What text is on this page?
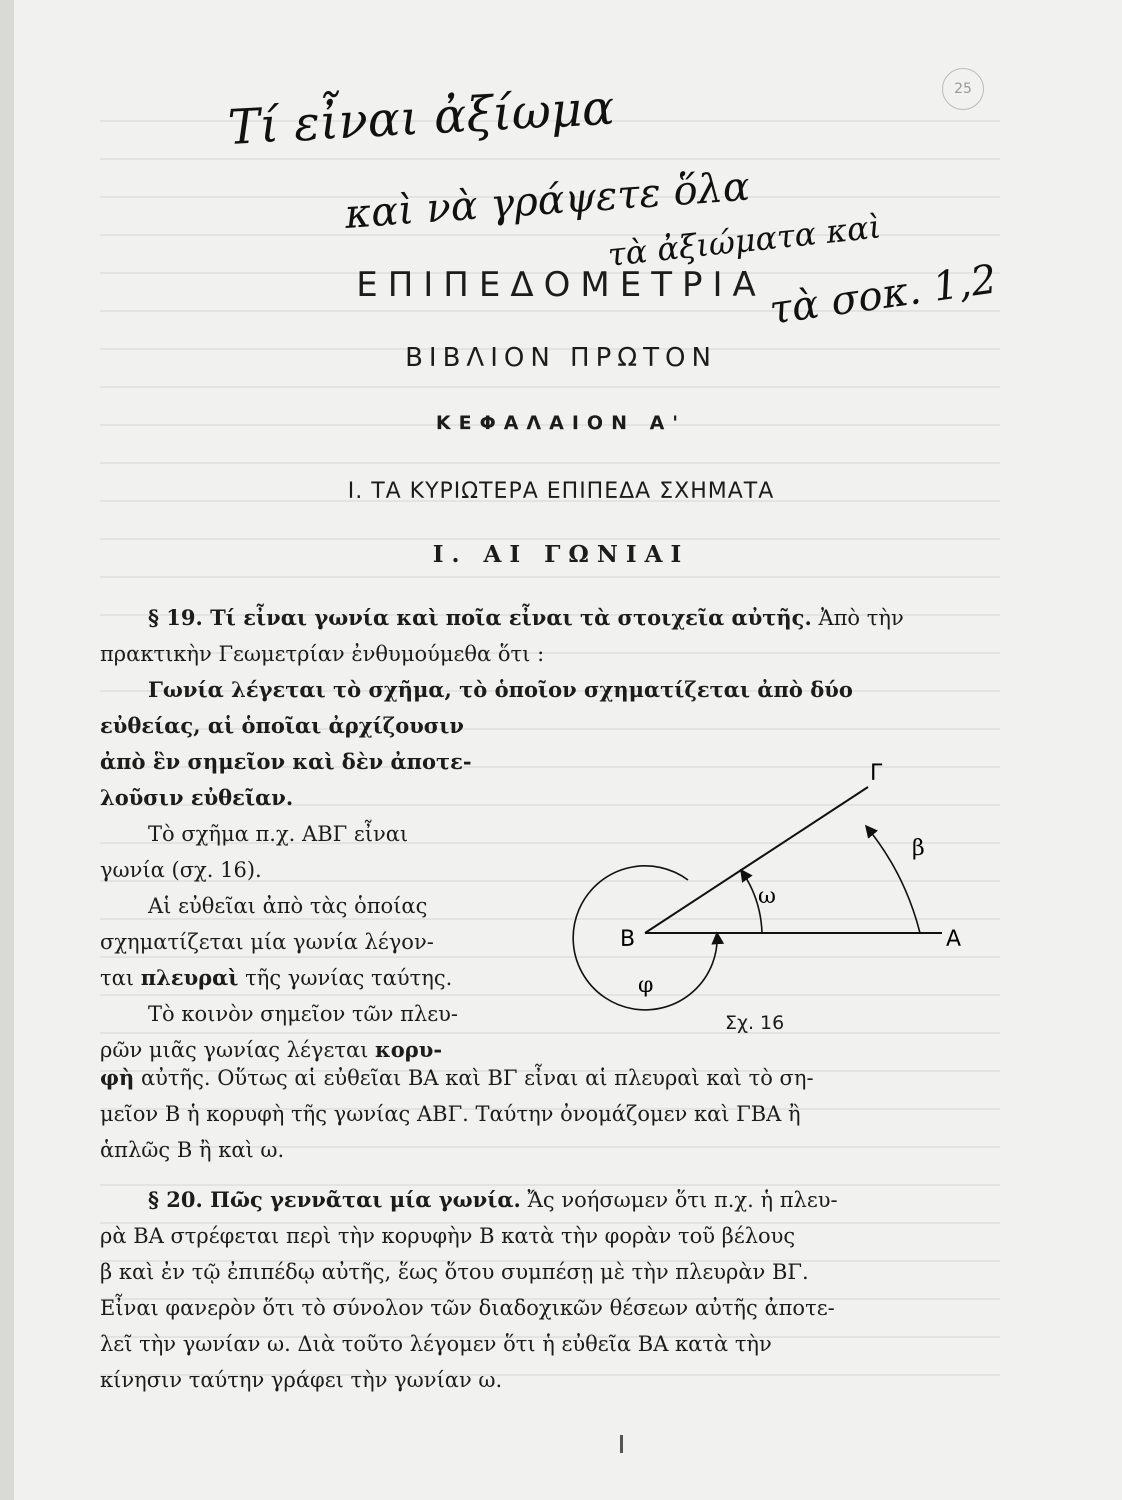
25
Τί εἶναι ἀξίωμα
καὶ νὰ γράψετε ὅλα
τὰ ἀξιώματα καὶ
τὰ σοκ. 1,2
ΕΠΙΠΕΔΟΜΕΤΡΙΑ
ΒΙΒΛΙΟΝ ΠΡΩΤΟΝ
ΚΕΦΑΛΑΙΟΝ Α'
Ι. ΤΑ ΚΥΡΙΩΤΕΡΑ ΕΠΙΠΕΔΑ ΣΧΗΜΑΤΑ
Ι. ΑΙ ΓΩΝΙΑΙ

§ 19. Τί εἶναι γωνία καὶ ποῖα εἶναι τὰ στοιχεῖα αὐτῆς. Ἀπὸ τὴν πρακτικὴν Γεωμετρίαν ἐνθυμούμεθα ὅτι :

Γωνία λέγεται τὸ σχῆμα, τὸ ὁποῖον σχηματίζεται ἀπὸ δύο

εὐθείας, αἱ ὁποῖαι ἀρχίζουσιν

ἀπὸ ἓν σημεῖον καὶ δὲν ἀποτε-

λοῦσιν εὐθεῖαν.

Τὸ σχῆμα π.χ. ΑΒΓ εἶναι

γωνία (σχ. 16).

Αἱ εὐθεῖαι ἀπὸ τὰς ὁποίας

σχηματίζεται μία γωνία λέγον-

ται πλευραὶ τῆς γωνίας ταύτης.

Τὸ κοινὸν σημεῖον τῶν πλευ-

ρῶν μιᾶς γωνίας λέγεται κορυ-

φὴ αὐτῆς. Οὕτως αἱ εὐθεῖαι ΒΑ καὶ ΒΓ εἶναι αἱ πλευραὶ καὶ τὸ ση-

μεῖον Β ἡ κορυφὴ τῆς γωνίας ΑΒΓ. Ταύτην ὀνομάζομεν καὶ ΓΒΑ ἢ

ἁπλῶς Β ἢ καὶ ω.

§ 20. Πῶς γεννᾶται μία γωνία. Ἄς νοήσωμεν ὅτι π.χ. ἡ πλευ-

ρὰ ΒΑ στρέφεται περὶ τὴν κορυφὴν Β κατὰ τὴν φορὰν τοῦ βέλους

β καὶ ἐν τῷ ἐπιπέδῳ αὐτῆς, ἕως ὅτου συμπέσῃ μὲ τὴν πλευρὰν ΒΓ.

Εἶναι φανερὸν ὅτι τὸ σύνολον τῶν διαδοχικῶν θέσεων αὐτῆς ἀποτε-

λεῖ τὴν γωνίαν ω. Διὰ τοῦτο λέγομεν ὅτι ἡ εὐθεῖα ΒΑ κατὰ τὴν

κίνησιν ταύτην γράφει τὴν γωνίαν ω.

Β	Α
Γ
ω
β
φ
Σχ. 16
